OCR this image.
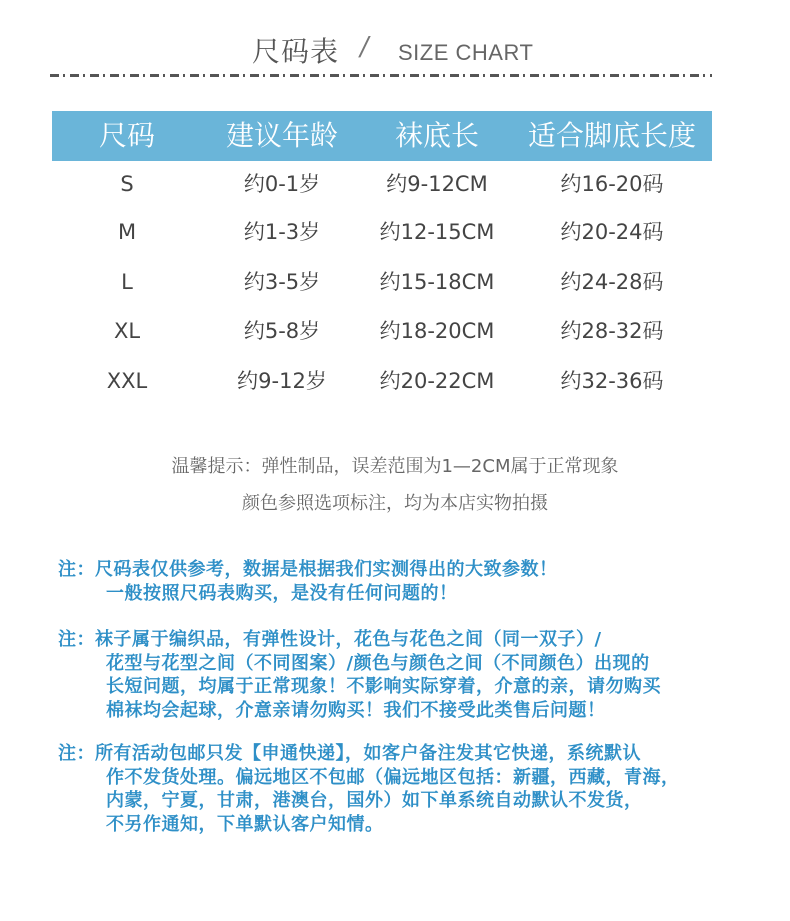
尺码表 / SIZE CHART
尺码	建议年龄	袜底长	适合脚底长度
S	约0-1岁	约9-12CM	约16-20码
M	约1-3岁	约12-15CM	约20-24码
L	约3-5岁	约15-18CM	约24-28码
XL	约5-8岁	约18-20CM	约28-32码
XXL	约9-12岁	约20-22CM	约32-36码
温馨提示：弹性制品，误差范围为1—2CM属于正常现象
颜色参照选项标注，均为本店实物拍摄
注：尺码表仅供参考，数据是根据我们实测得出的大致参数！
一般按照尺码表购买，是没有任何问题的！
注：袜子属于编织品，有弹性设计，花色与花色之间（同一双子）/
花型与花型之间（不同图案）/颜色与颜色之间（不同颜色）出现的
长短问题，均属于正常现象！不影响实际穿着，介意的亲，请勿购买
棉袜均会起球，介意亲请勿购买！我们不接受此类售后问题！
注：所有活动包邮只发【申通快递】，如客户备注发其它快递，系统默认
作不发货处理。偏远地区不包邮（偏远地区包括：新疆，西藏，青海，
内蒙，宁夏，甘肃，港澳台，国外）如下单系统自动默认不发货，
不另作通知，下单默认客户知情。
